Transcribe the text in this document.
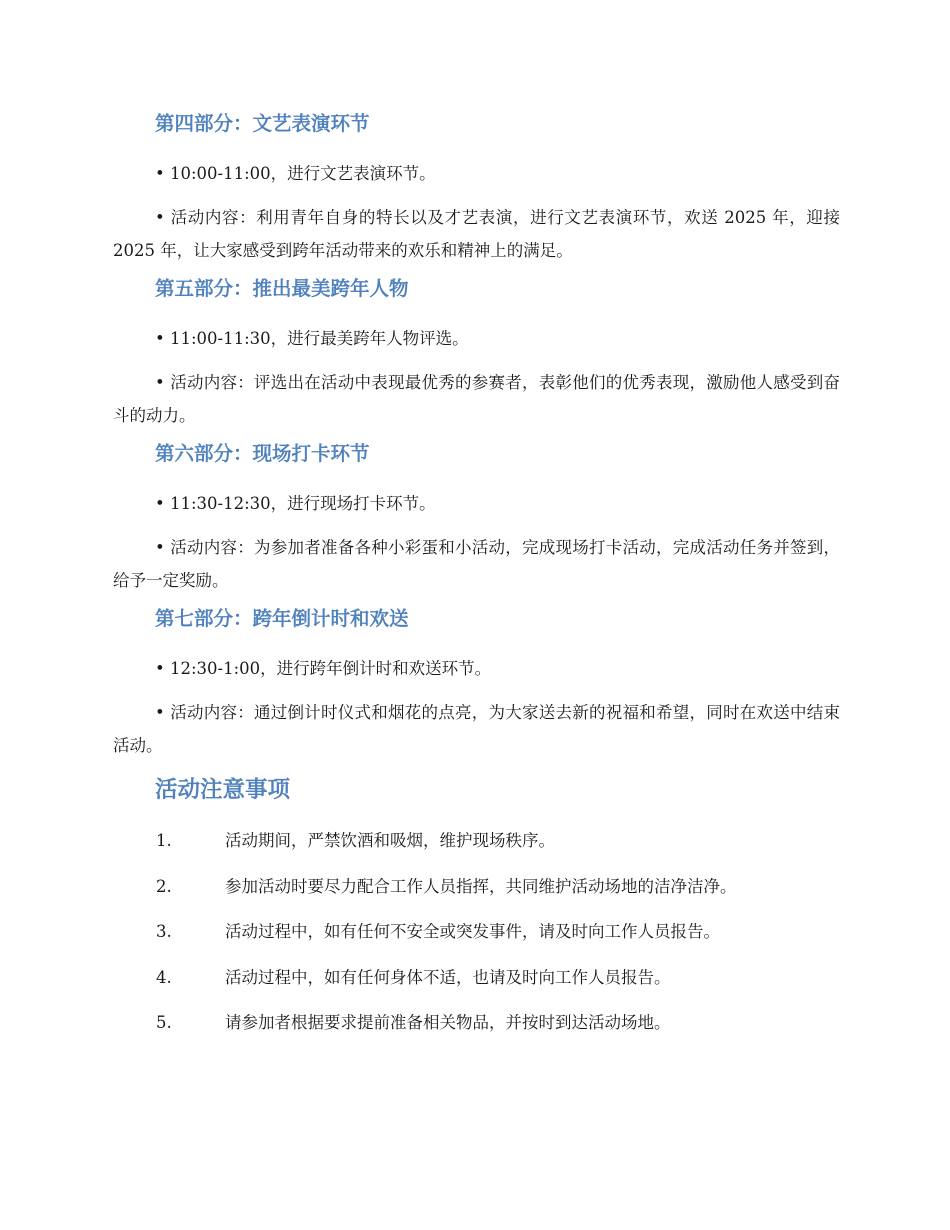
第四部分：文艺表演环节

• 10:00-11:00，进行文艺表演环节。

• 活动内容：利用青年自身的特长以及才艺表演，进行文艺表演环节，欢送 2025 年，迎接 2025 年，让大家感受到跨年活动带来的欢乐和精神上的满足。

第五部分：推出最美跨年人物

• 11:00-11:30，进行最美跨年人物评选。

• 活动内容：评选出在活动中表现最优秀的参赛者，表彰他们的优秀表现，激励他人感受到奋斗的动力。

第六部分：现场打卡环节

• 11:30-12:30，进行现场打卡环节。

• 活动内容：为参加者准备各种小彩蛋和小活动，完成现场打卡活动，完成活动任务并签到，给予一定奖励。

第七部分：跨年倒计时和欢送

• 12:30-1:00，进行跨年倒计时和欢送环节。

• 活动内容：通过倒计时仪式和烟花的点亮，为大家送去新的祝福和希望，同时在欢送中结束活动。

活动注意事项
1.	活动期间，严禁饮酒和吸烟，维护现场秩序。
2.	参加活动时要尽力配合工作人员指挥，共同维护活动场地的洁净洁净。
3.	活动过程中，如有任何不安全或突发事件，请及时向工作人员报告。
4.	活动过程中，如有任何身体不适，也请及时向工作人员报告。
5.	请参加者根据要求提前准备相关物品，并按时到达活动场地。
